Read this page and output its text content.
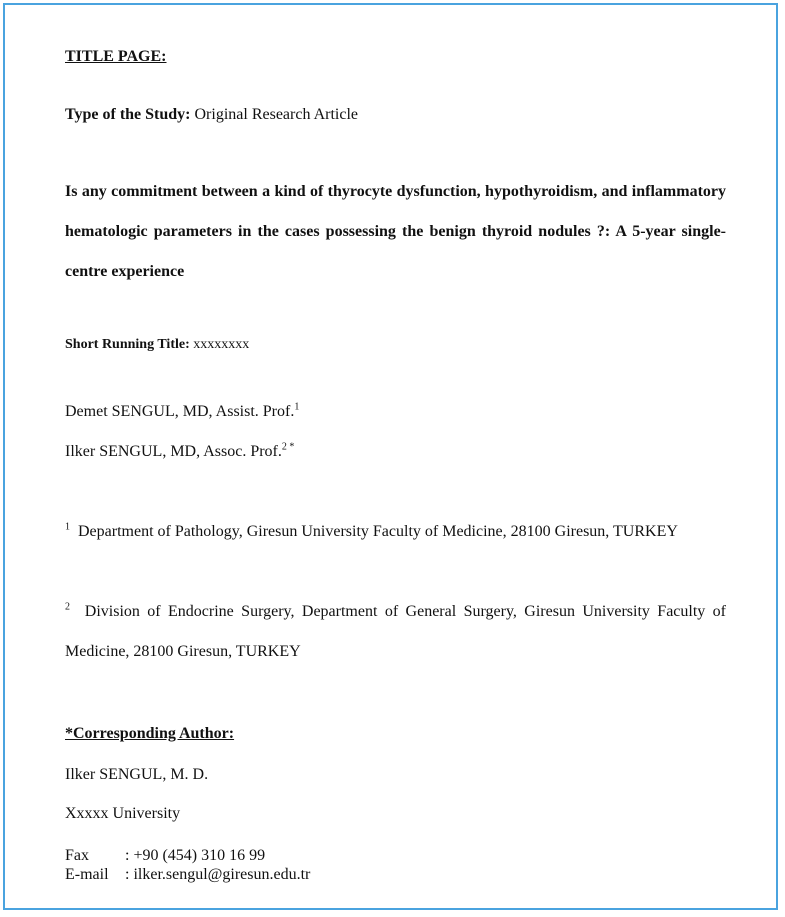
TITLE PAGE:
Type of the Study: Original Research Article
Is any commitment between a kind of thyrocyte dysfunction, hypothyroidism, and inflammatory hematologic parameters in the cases possessing the benign thyroid nodules ?: A 5-year single-centre experience
Short Running Title: xxxxxxxx
Demet SENGUL, MD, Assist. Prof.$^1$
Ilker SENGUL, MD, Assoc. Prof.$^{2 *}$
$^1$ Department of Pathology, Giresun University Faculty of Medicine, 28100 Giresun, TURKEY
$^2$ Division of Endocrine Surgery, Department of General Surgery, Giresun University Faculty of Medicine, 28100 Giresun, TURKEY
*Corresponding Author:
Ilker SENGUL, M. D.
Xxxxx University
Fax : +90 (454) 310 16 99
E-mail : ilker.sengul@giresun.edu.tr
